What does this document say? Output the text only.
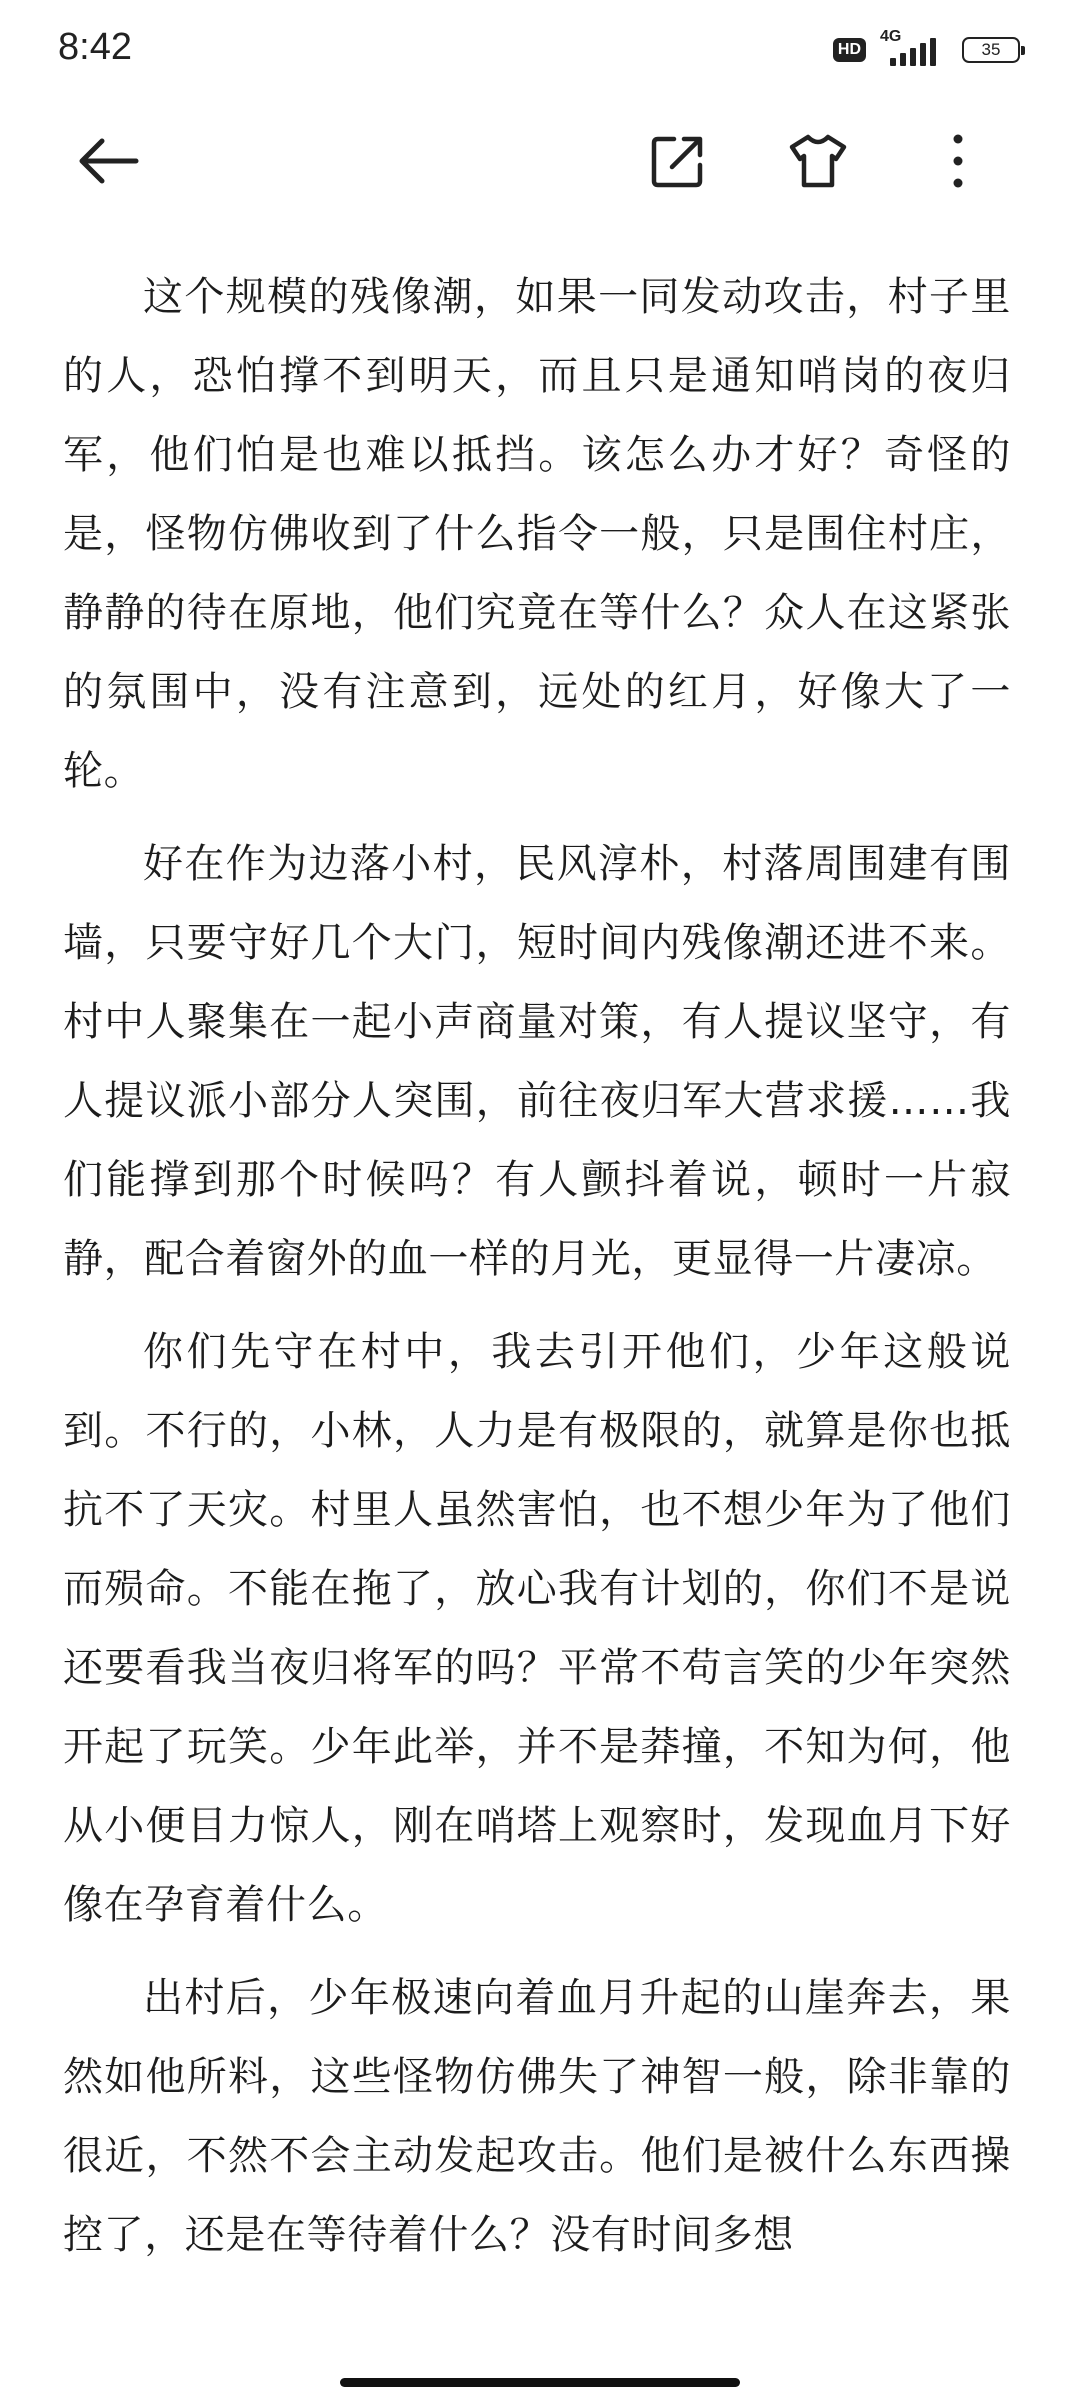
8:42	HD
4G
35

这个规模的残像潮，如果一同发动攻击，村子里的人，恐怕撑不到明天，而且只是通知哨岗的夜归军，他们怕是也难以抵挡。该怎么办才好？奇怪的是，怪物仿佛收到了什么指令一般，只是围住村庄，静静的待在原地，他们究竟在等什么？众人在这紧张的氛围中，没有注意到，远处的红月，好像大了一轮。

好在作为边落小村，民风淳朴，村落周围建有围墙，只要守好几个大门，短时间内残像潮还进不来。村中人聚集在一起小声商量对策，有人提议坚守，有人提议派小部分人突围，前往夜归军大营求援……我们能撑到那个时候吗？有人颤抖着说，顿时一片寂静，配合着窗外的血一样的月光，更显得一片凄凉。

你们先守在村中，我去引开他们，少年这般说到。不行的，小林，人力是有极限的，就算是你也抵抗不了天灾。村里人虽然害怕，也不想少年为了他们而殒命。不能在拖了，放心我有计划的，你们不是说还要看我当夜归将军的吗？平常不苟言笑的少年突然开起了玩笑。少年此举，并不是莽撞，不知为何，他从小便目力惊人，刚在哨塔上观察时，发现血月下好像在孕育着什么。

出村后，少年极速向着血月升起的山崖奔去，果然如他所料，这些怪物仿佛失了神智一般，除非靠的很近，不然不会主动发起攻击。他们是被什么东西操控了，还是在等待着什么？没有时间多想
